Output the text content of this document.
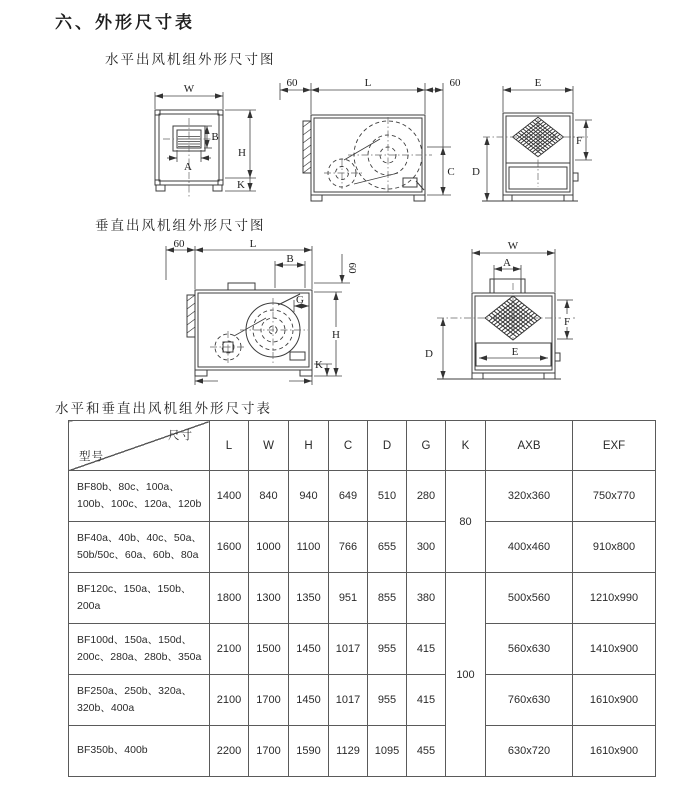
六、外形尺寸表
水平出风机组外形尺寸图
垂直出风机组外形尺寸图
水平和垂直出风机组外形尺寸表
W
H
K
B
A
60	L	60
C
E
F
D
60	L
B
G
60
H
K
W
A
F
D	E
尺寸
型号	L	W	H	C	D	G	K	AXB	EXF
BF80b、80c、100a、100b、100c、120a、120b	1400	840	940	649	510	280	80	320x360	750x770
BF40a、40b、40c、50a、50b/50c、60a、60b、80a	1600	1000	1100	766	655	300		400x460	910x800
BF120c、150a、150b、200a	1800	1300	1350	951	855	380	100	500x560	1210x990
BF100d、150a、150d、200c、280a、280b、350a	2100	1500	1450	1017	955	415		560x630	1410x900
BF250a、250b、320a、320b、400a	2100	1700	1450	1017	955	415		760x630	1610x900
BF350b、400b	2200	1700	1590	1129	1095	455		630x720	1610x900
